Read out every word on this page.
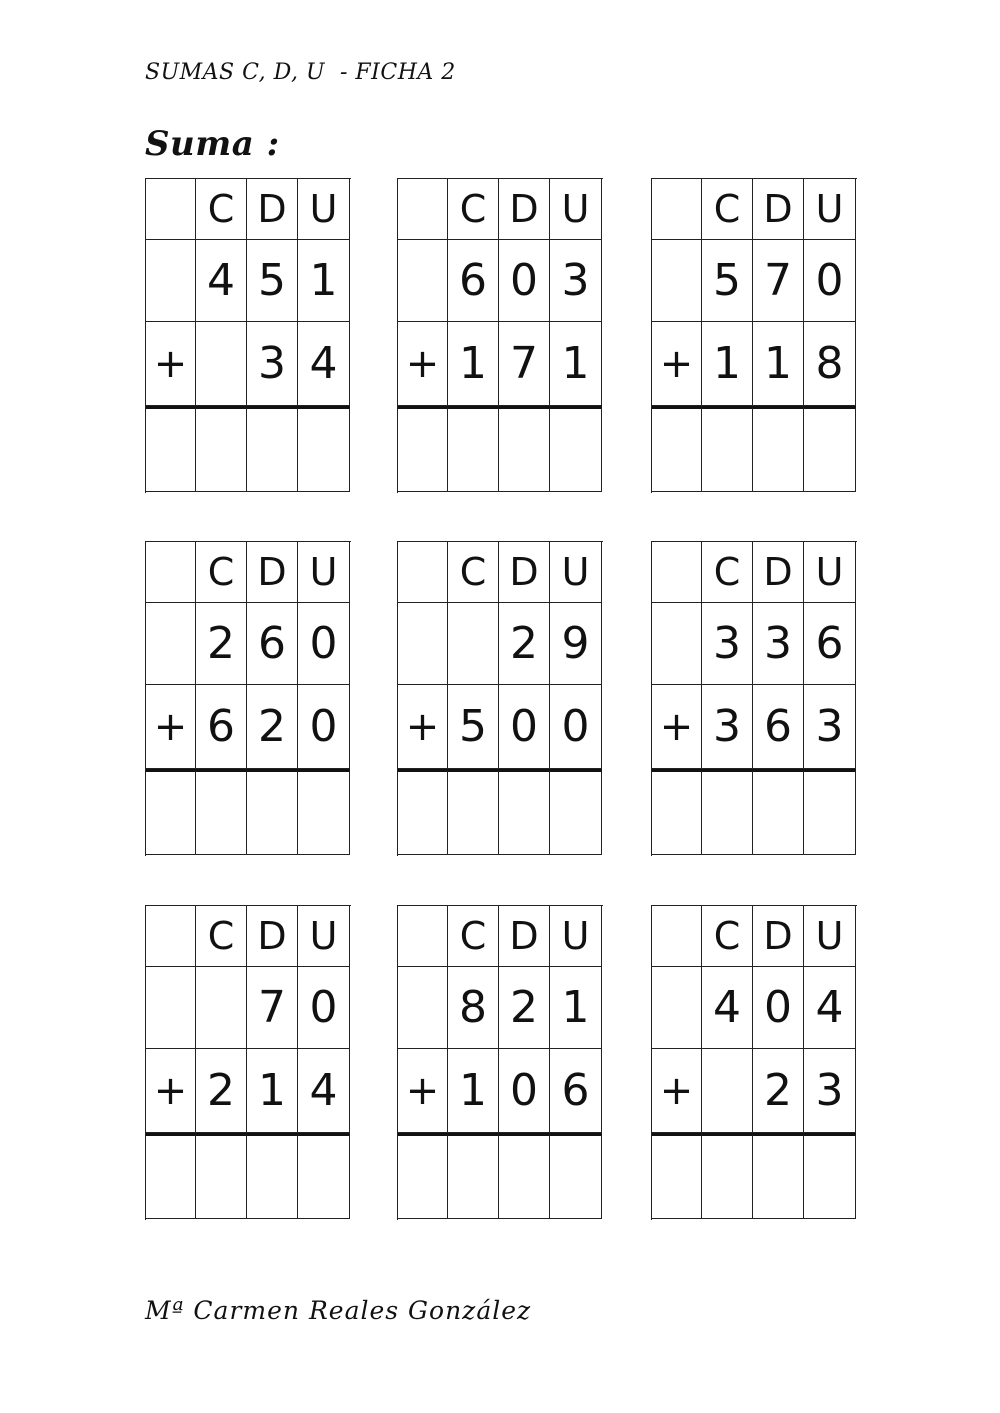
SUMAS C, D, U  - FICHA 2
Suma :
C D U
4 5 1
+ 3 4
C D U
6 0 3
+ 1 7 1
C D U
5 7 0
+ 1 1 8
C D U
2 6 0
+ 6 2 0
C D U
2 9
+ 5 0 0
C D U
3 3 6
+ 3 6 3
C D U
7 0
+ 2 1 4
C D U
8 2 1
+ 1 0 6
C D U
4 0 4
+ 2 3
Mª Carmen Reales González
